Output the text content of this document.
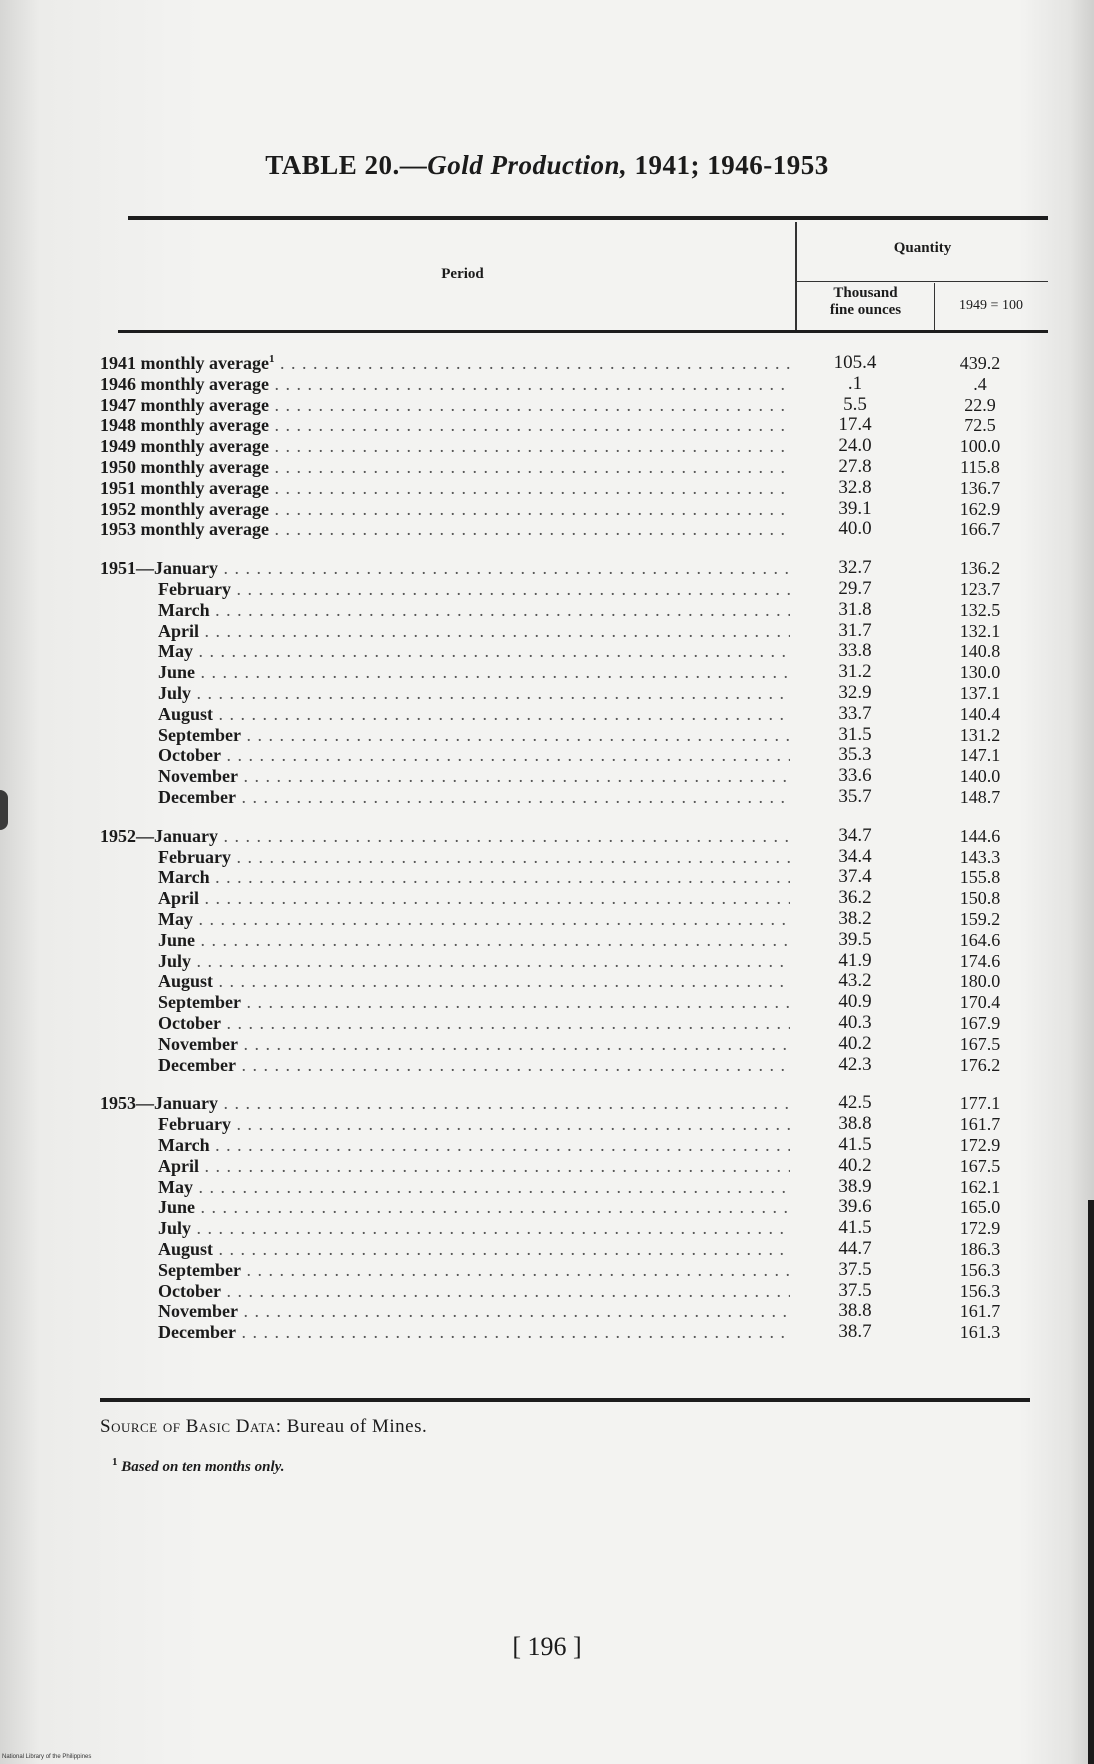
TABLE 20.—Gold Production, 1941; 1946-1953
Period
Quantity
Thousand
fine ounces	1949 = 100
1941 monthly average$^1$ . . .	105.4	439.2
1946 monthly average . . .	.1	.4
1947 monthly average . . .	5.5	22.9
1948 monthly average . . .	17.4	72.5
1949 monthly average . . .	24.0	100.0
1950 monthly average . . .	27.8	115.8
1951 monthly average . . .	32.8	136.7
1952 monthly average . . .	39.1	162.9
1953 monthly average . . .	40.0	166.7
1951—January . . .	32.7	136.2
February . . .	29.7	123.7
March . . .	31.8	132.5
April . . .	31.7	132.1
May . . .	33.8	140.8
June . . .	31.2	130.0
July . . .	32.9	137.1
August . . .	33.7	140.4
September . . .	31.5	131.2
October . . .	35.3	147.1
November . . .	33.6	140.0
December . . .	35.7	148.7
1952—January . . .	34.7	144.6
February . . .	34.4	143.3
March . . .	37.4	155.8
April . . .	36.2	150.8
May . . .	38.2	159.2
June . . .	39.5	164.6
July . . .	41.9	174.6
August . . .	43.2	180.0
September . . .	40.9	170.4
October . . .	40.3	167.9
November . . .	40.2	167.5
December . . .	42.3	176.2
1953—January . . .	42.5	177.1
February . . .	38.8	161.7
March . . .	41.5	172.9
April . . .	40.2	167.5
May . . .	38.9	162.1
June . . .	39.6	165.0
July . . .	41.5	172.9
August . . .	44.7	186.3
September . . .	37.5	156.3
October . . .	37.5	156.3
November . . .	38.8	161.7
December . . .	38.7	161.3
Source of Basic Data: Bureau of Mines.
$^1$ Based on ten months only.
[ 196 ]
National Library of the Philippines
